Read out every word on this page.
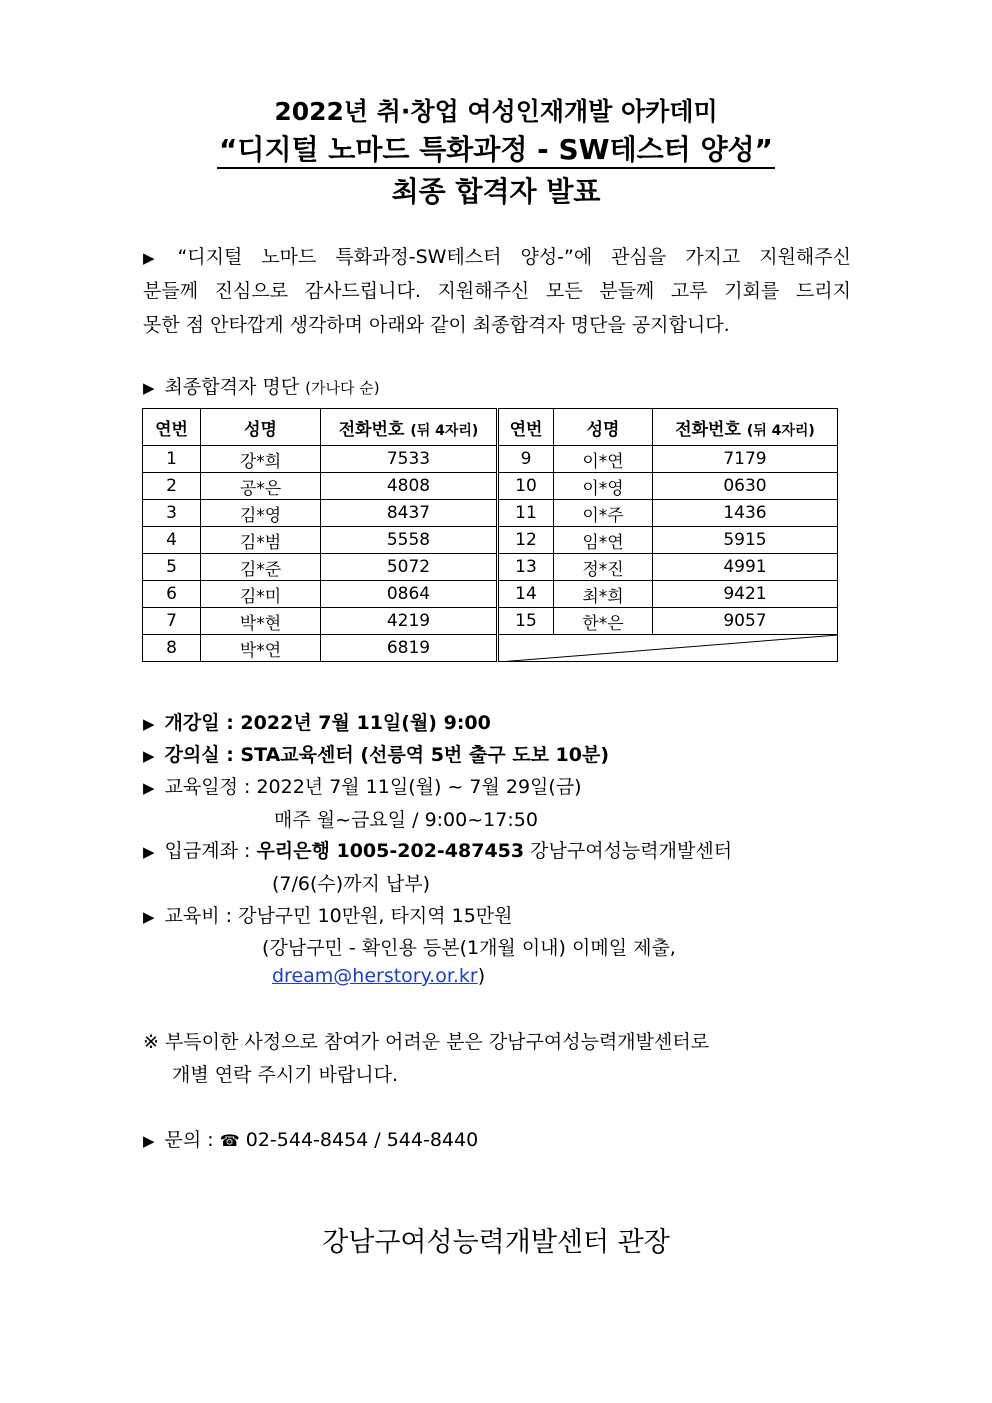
2022년 취·창업 여성인재개발 아카데미
“디지털 노마드 특화과정 - SW테스터 양성”
최종 합격자 발표
▶ “디지털 노마드 특화과정-SW테스터 양성-”에 관심을 가지고 지원해주신
분들께 진심으로 감사드립니다. 지원해주신 모든 분들께 고루 기회를 드리지
못한 점 안타깝게 생각하며 아래와 같이 최종합격자 명단을 공지합니다.
▶ 최종합격자 명단 (가나다 순)
연번	성명	전화번호 (뒤 4자리)	연번	성명	전화번호 (뒤 4자리)
1	강*희	7533	9	이*연	7179
2	공*은	4808	10	이*영	0630
3	김*영	8437	11	이*주	1436
4	김*범	5558	12	임*연	5915
5	김*준	5072	13	정*진	4991
6	김*미	0864	14	최*희	9421
7	박*현	4219	15	한*은	9057
8	박*연	6819	
▶ 개강일 : 2022년 7월 11일(월) 9:00
▶ 강의실 : STA교육센터 (선릉역 5번 출구 도보 10분)
▶ 교육일정 : 2022년 7월 11일(월) ~ 7월 29일(금)
매주 월~금요일 / 9:00~17:50
▶ 입금계좌 : 우리은행 1005-202-487453 강남구여성능력개발센터
(7/6(수)까지 납부)
▶ 교육비 : 강남구민 10만원, 타지역 15만원
(강남구민 - 확인용 등본(1개월 이내) 이메일 제출,
dream@herstory.or.kr)
※ 부득이한 사정으로 참여가 어려운 분은 강남구여성능력개발센터로
개별 연락 주시기 바랍니다.
▶ 문의 : ☎ 02-544-8454 / 544-8440
강남구여성능력개발센터 관장
